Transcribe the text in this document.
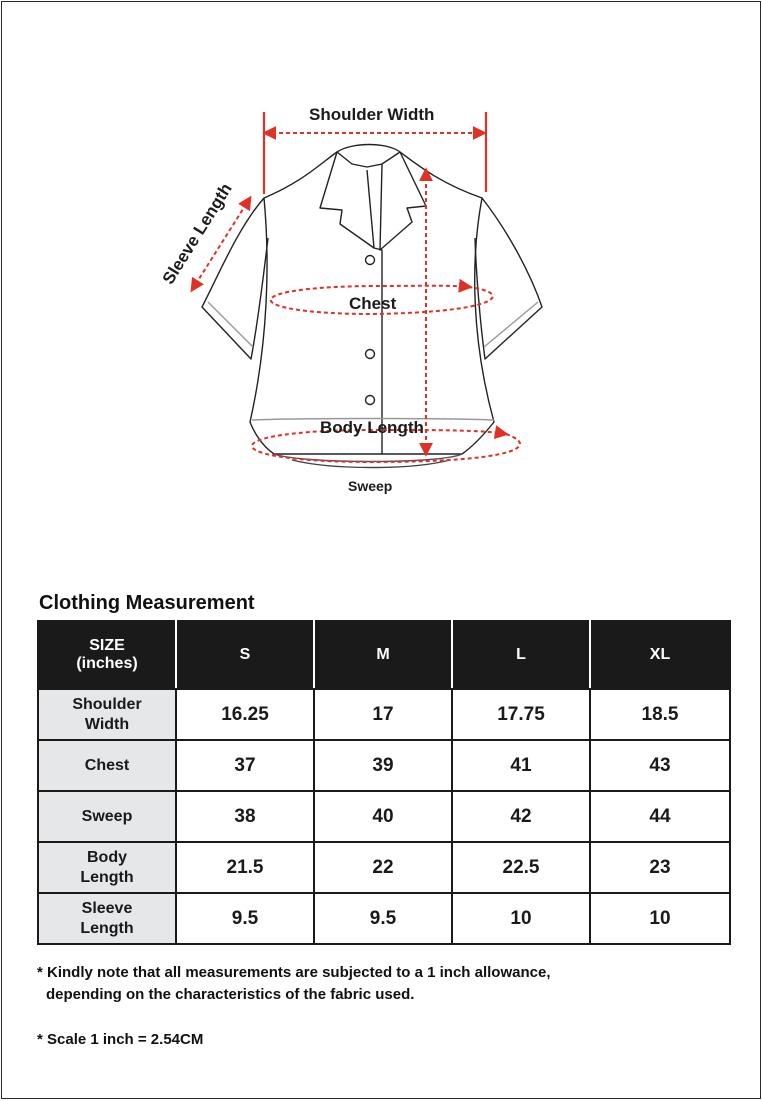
Shoulder Width
Sleeve Length
Chest
Body Length
Sweep
Clothing Measurement
SIZE
(inches)	S	M	L	XL
Shoulder
Width	16.25	17	17.75	18.5
Chest	37	39	41	43
Sweep	38	40	42	44
Body
Length	21.5	22	22.5	23
Sleeve
Length	9.5	9.5	10	10
* Kindly note that all measurements are subjected to a 1 inch allowance,
depending on the characteristics of the fabric used.
* Scale 1 inch = 2.54CM
